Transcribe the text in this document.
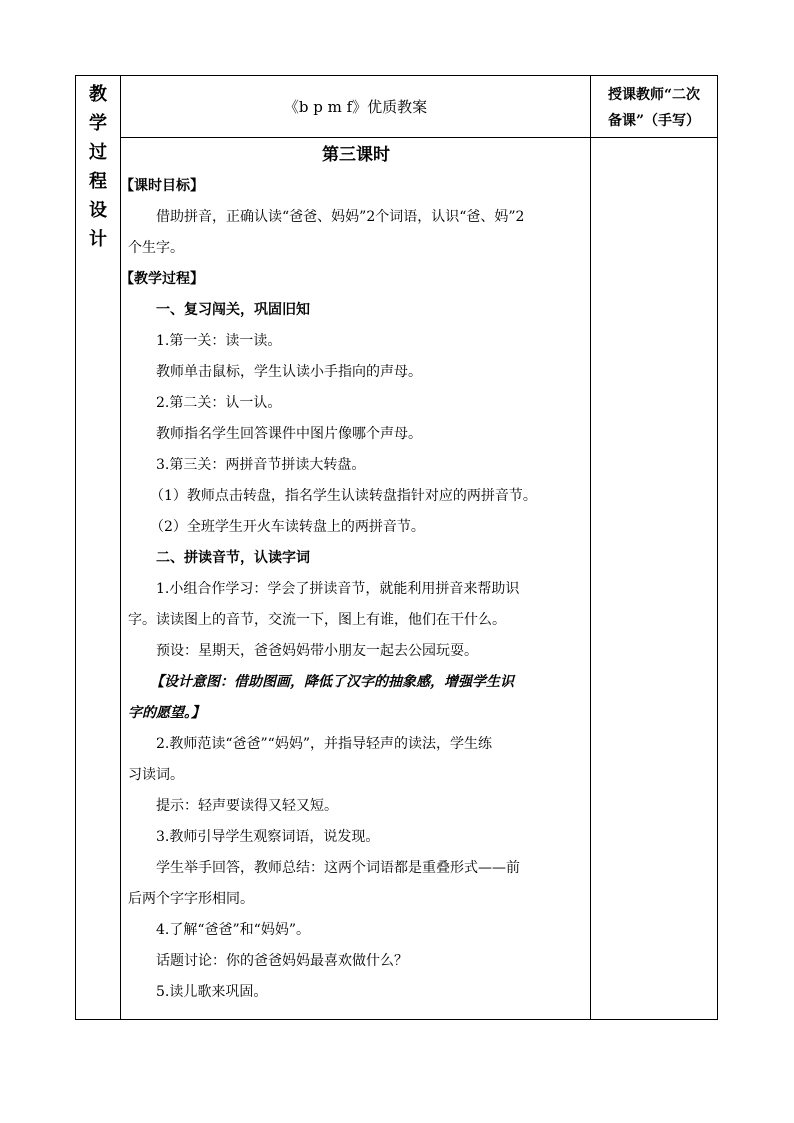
教
学
过
程
设
计
《b p m f》优质教案
授课教师“二次
备课”（手写）
第三课时
【课时目标】
借助拼音，正确认读“爸爸、妈妈”2个词语，认识“爸、妈”2
个生字。
【教学过程】
一、复习闯关，巩固旧知
1.第一关：读一读。
教师单击鼠标，学生认读小手指向的声母。
2.第二关：认一认。
教师指名学生回答课件中图片像哪个声母。
3.第三关：两拼音节拼读大转盘。
（1）教师点击转盘，指名学生认读转盘指针对应的两拼音节。
（2）全班学生开火车读转盘上的两拼音节。
二、拼读音节，认读字词
1.小组合作学习：学会了拼读音节，就能利用拼音来帮助识
字。读读图上的音节，交流一下，图上有谁，他们在干什么。
预设：星期天，爸爸妈妈带小朋友一起去公园玩耍。
【设计意图：借助图画，降低了汉字的抽象感，增强学生识
字的愿望。】
2.教师范读“爸爸”“妈妈”，并指导轻声的读法，学生练
习读词。
提示：轻声要读得又轻又短。
3.教师引导学生观察词语，说发现。
学生举手回答，教师总结：这两个词语都是重叠形式——前
后两个字字形相同。
4.了解“爸爸”和“妈妈”。
话题讨论：你的爸爸妈妈最喜欢做什么？
5.读儿歌来巩固。
